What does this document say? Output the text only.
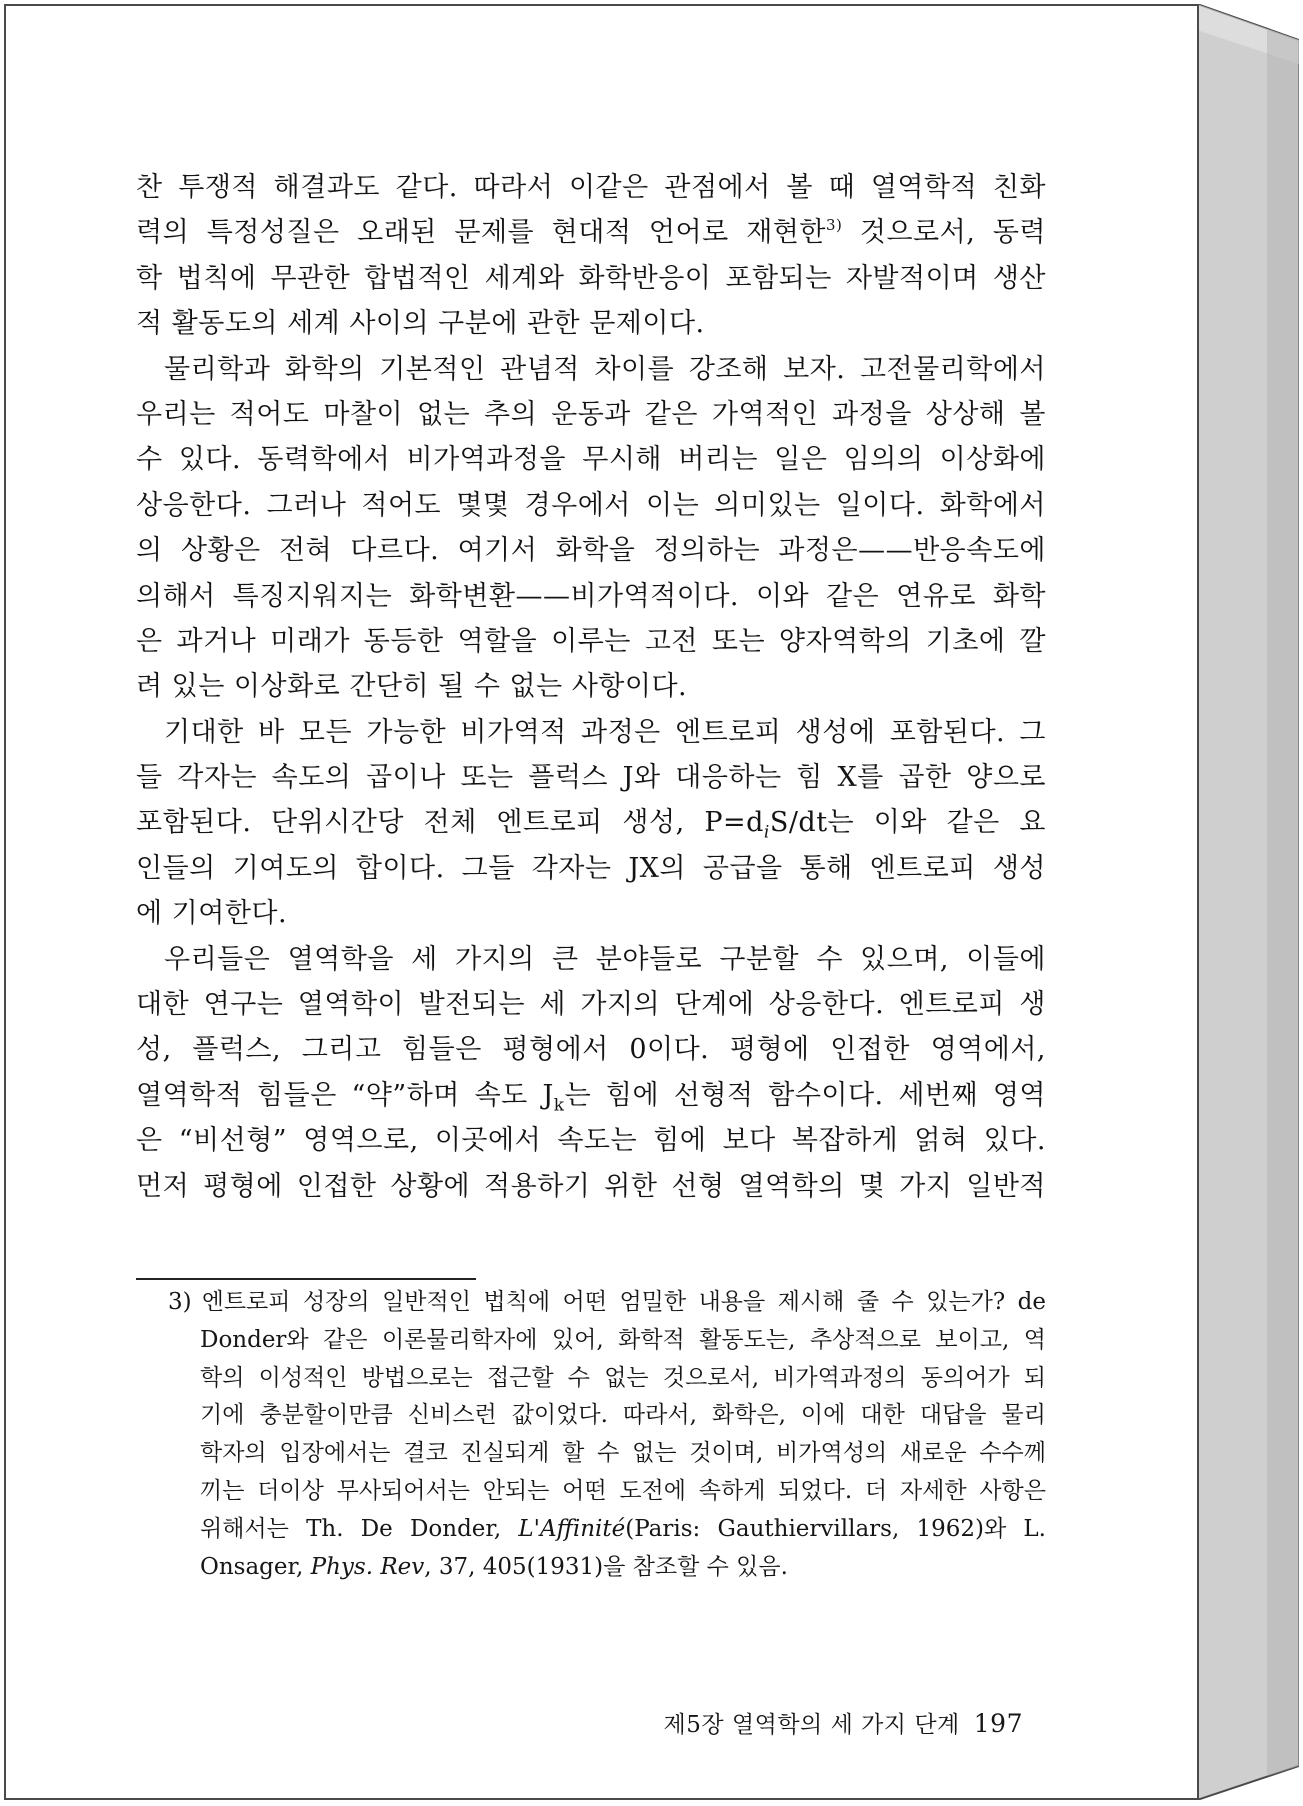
찬 투쟁적 해결과도 같다. 따라서 이같은 관점에서 볼 때 열역학적 친화
력의 특정성질은 오래된 문제를 현대적 언어로 재현한$^{3)}$ 것으로서, 동력
학 법칙에 무관한 합법적인 세계와 화학반응이 포함되는 자발적이며 생산
적 활동도의 세계 사이의 구분에 관한 문제이다.
물리학과 화학의 기본적인 관념적 차이를 강조해 보자. 고전물리학에서
우리는 적어도 마찰이 없는 추의 운동과 같은 가역적인 과정을 상상해 볼
수 있다. 동력학에서 비가역과정을 무시해 버리는 일은 임의의 이상화에
상응한다. 그러나 적어도 몇몇 경우에서 이는 의미있는 일이다. 화학에서
의 상황은 전혀 다르다. 여기서 화학을 정의하는 과정은——반응속도에
의해서 특징지워지는 화학변환——비가역적이다. 이와 같은 연유로 화학
은 과거나 미래가 동등한 역할을 이루는 고전 또는 양자역학의 기초에 깔
려 있는 이상화로 간단히 될 수 없는 사항이다.
기대한 바 모든 가능한 비가역적 과정은 엔트로피 생성에 포함된다. 그
들 각자는 속도의 곱이나 또는 플럭스 J와 대응하는 힘 X를 곱한 양으로
포함된다. 단위시간당 전체 엔트로피 생성, $P=d_iS/dt$는 이와 같은 요
인들의 기여도의 합이다. 그들 각자는 JX의 공급을 통해 엔트로피 생성
에 기여한다.
우리들은 열역학을 세 가지의 큰 분야들로 구분할 수 있으며, 이들에
대한 연구는 열역학이 발전되는 세 가지의 단계에 상응한다. 엔트로피 생
성, 플럭스, 그리고 힘들은 평형에서 0이다. 평형에 인접한 영역에서,
열역학적 힘들은 “약”하며 속도 $J_k$는 힘에 선형적 함수이다. 세번째 영역
은 “비선형” 영역으로, 이곳에서 속도는 힘에 보다 복잡하게 얽혀 있다.
먼저 평형에 인접한 상황에 적용하기 위한 선형 열역학의 몇 가지 일반적
3) 엔트로피 성장의 일반적인 법칙에 어떤 엄밀한 내용을 제시해 줄 수 있는가? de
Donder와 같은 이론물리학자에 있어, 화학적 활동도는, 추상적으로 보이고, 역
학의 이성적인 방법으로는 접근할 수 없는 것으로서, 비가역과정의 동의어가 되
기에 충분할이만큼 신비스런 값이었다. 따라서, 화학은, 이에 대한 대답을 물리
학자의 입장에서는 결코 진실되게 할 수 없는 것이며, 비가역성의 새로운 수수께
끼는 더이상 무사되어서는 안되는 어떤 도전에 속하게 되었다. 더 자세한 사항은
위해서는 Th. De Donder, L'Affinité(Paris: Gauthiervillars, 1962)와 L.
Onsager, Phys. Rev, 37, 405(1931)을 참조할 수 있음.
제5장 열역학의 세 가지 단계 197
